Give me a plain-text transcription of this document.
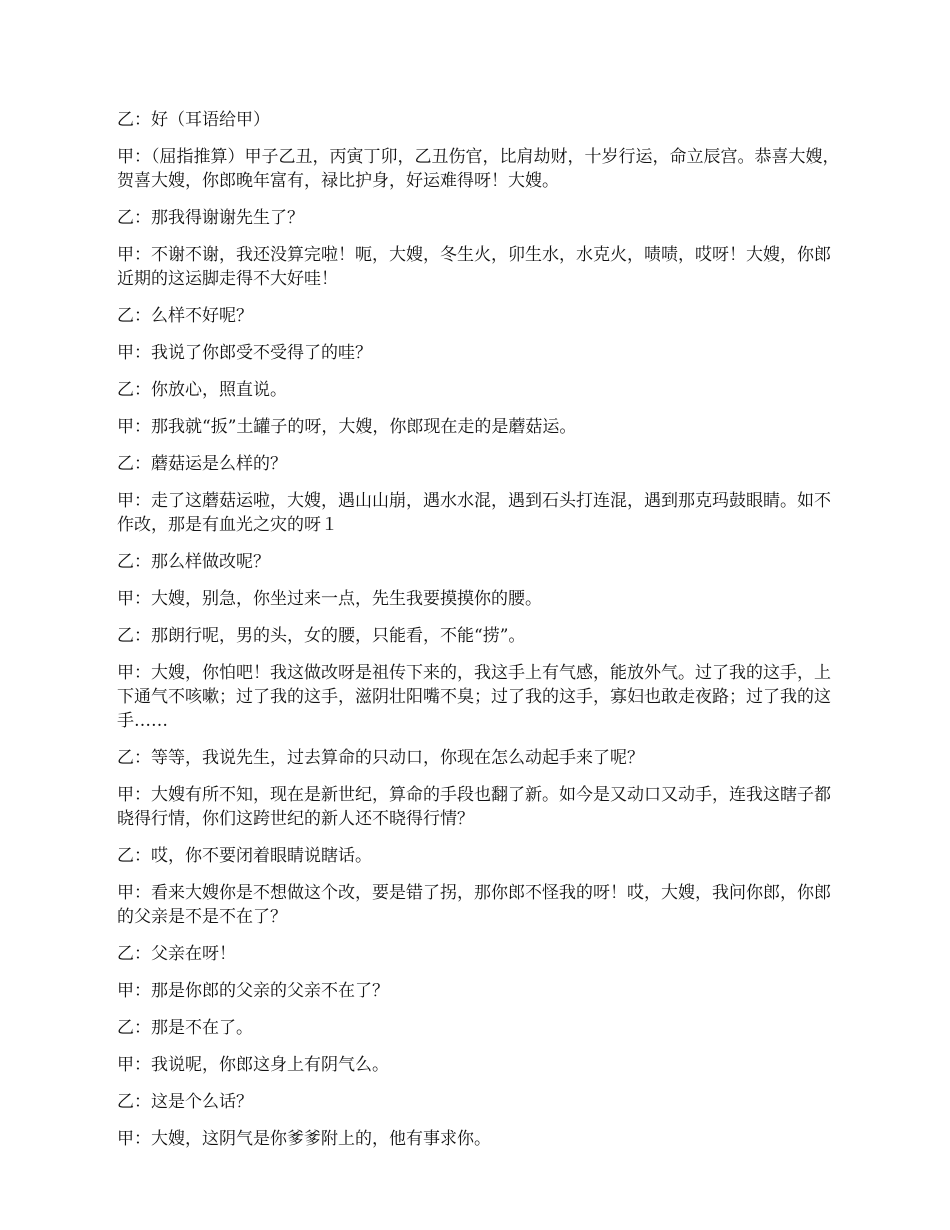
乙：好（耳语给甲）

甲：（屈指推算）甲子乙丑，丙寅丁卯，乙丑伤官，比肩劫财，十岁行运，命立辰宫。恭喜大嫂，贺喜大嫂，你郎晚年富有，禄比护身，好运难得呀！大嫂。

乙：那我得谢谢先生了？

甲：不谢不谢，我还没算完啦！呃，大嫂，冬生火，卯生水，水克火，啧啧，哎呀！大嫂，你郎近期的这运脚走得不大好哇！

乙：么样不好呢？

甲：我说了你郎受不受得了的哇？

乙：你放心，照直说。

甲：那我就“扳”土罐子的呀，大嫂，你郎现在走的是蘑菇运。

乙：蘑菇运是么样的？

甲：走了这蘑菇运啦，大嫂，遇山山崩，遇水水混，遇到石头打连混，遇到那克玛鼓眼睛。如不作改，那是有血光之灾的呀１

乙：那么样做改呢？

甲：大嫂，别急，你坐过来一点，先生我要摸摸你的腰。

乙：那朗行呢，男的头，女的腰，只能看，不能“捞”。

甲：大嫂，你怕吧！我这做改呀是祖传下来的，我这手上有气感，能放外气。过了我的这手，上下通气不咳嗽；过了我的这手，滋阴壮阳嘴不臭；过了我的这手，寡妇也敢走夜路；过了我的这手……

乙：等等，我说先生，过去算命的只动口，你现在怎么动起手来了呢？

甲：大嫂有所不知，现在是新世纪，算命的手段也翻了新。如今是又动口又动手，连我这瞎子都晓得行情，你们这跨世纪的新人还不晓得行情？

乙：哎，你不要闭着眼睛说瞎话。

甲：看来大嫂你是不想做这个改，要是错了拐，那你郎不怪我的呀！哎，大嫂，我问你郎，你郎的父亲是不是不在了？

乙：父亲在呀！

甲：那是你郎的父亲的父亲不在了？

乙：那是不在了。

甲：我说呢，你郎这身上有阴气么。

乙：这是个么话？

甲：大嫂，这阴气是你爹爹附上的，他有事求你。
